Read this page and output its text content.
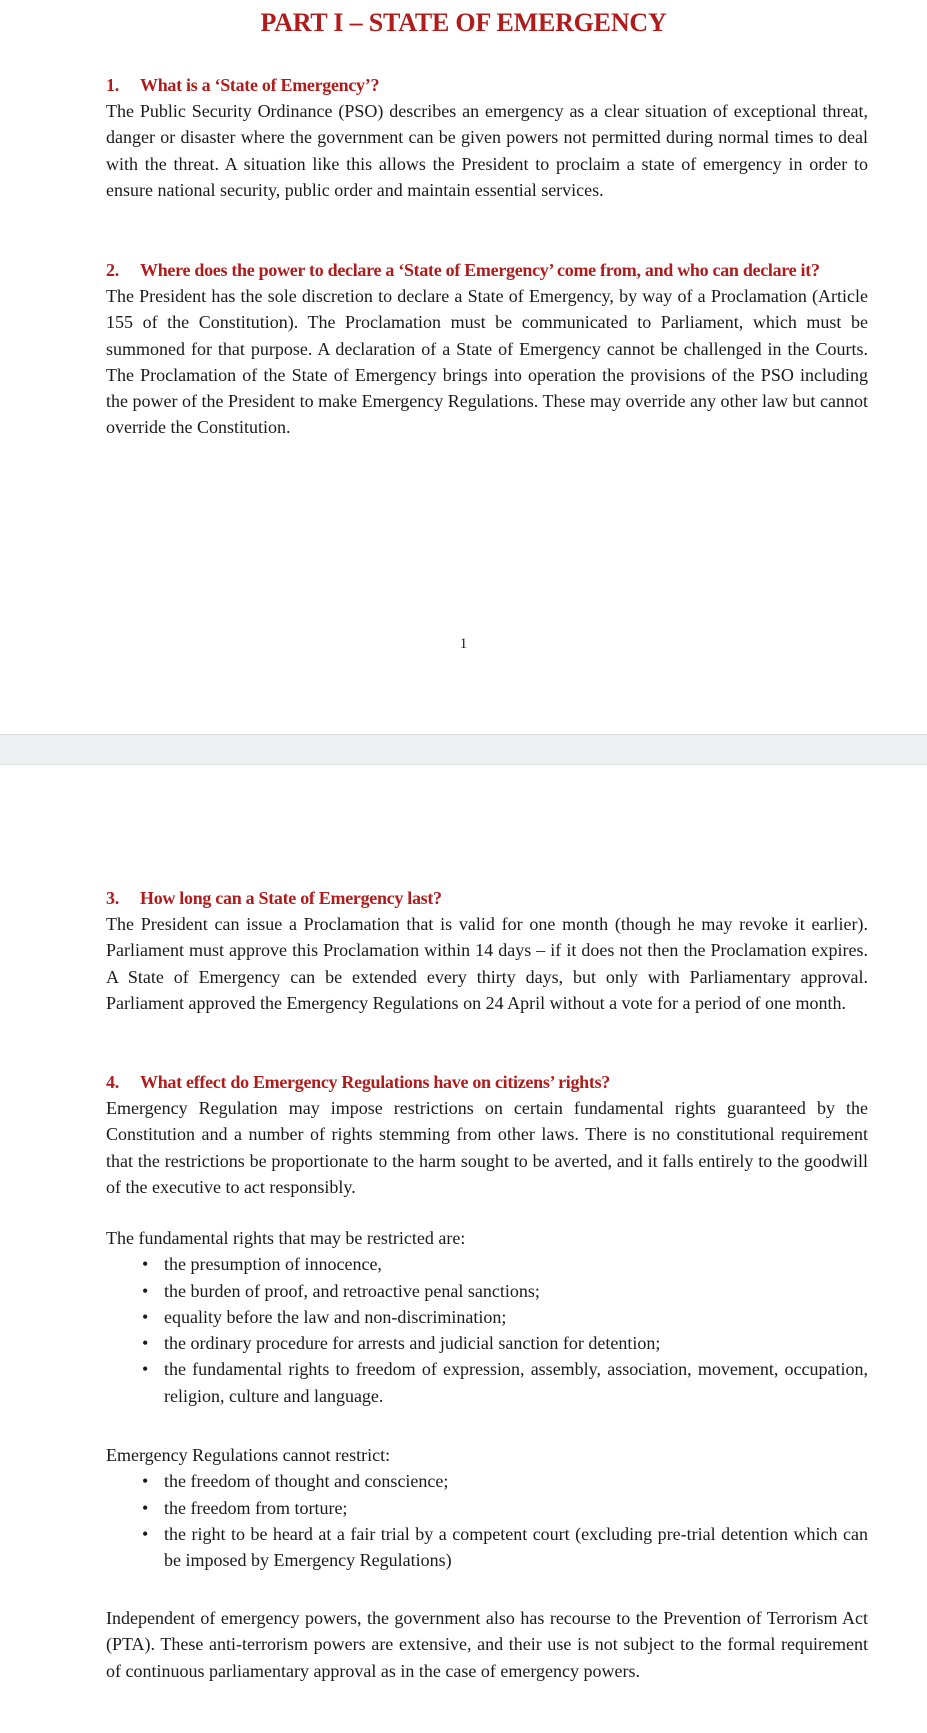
PART I – STATE OF EMERGENCY
1. What is a ‘State of Emergency’?

The Public Security Ordinance (PSO) describes an emergency as a clear situation of exceptional threat, danger or disaster where the government can be given powers not permitted during normal times to deal with the threat. A situation like this allows the President to proclaim a state of emergency in order to ensure national security, public order and maintain essential services.

2. Where does the power to declare a ‘State of Emergency’ come from, and who can declare it?

The President has the sole discretion to declare a State of Emergency, by way of a Proclamation (Article 155 of the Constitution). The Proclamation must be communicated to Parliament, which must be summoned for that purpose. A declaration of a State of Emergency cannot be challenged in the Courts. The Proclamation of the State of Emergency brings into operation the provisions of the PSO including the power of the President to make Emergency Regulations. These may override any other law but cannot override the Constitution.

1
3. How long can a State of Emergency last?

The President can issue a Proclamation that is valid for one month (though he may revoke it earlier). Parliament must approve this Proclamation within 14 days – if it does not then the Proclamation expires. A State of Emergency can be extended every thirty days, but only with Parliamentary approval. Parliament approved the Emergency Regulations on 24 April without a vote for a period of one month.

4. What effect do Emergency Regulations have on citizens’ rights?

Emergency Regulation may impose restrictions on certain fundamental rights guaranteed by the Constitution and a number of rights stemming from other laws. There is no constitutional requirement that the restrictions be proportionate to the harm sought to be averted, and it falls entirely to the goodwill of the executive to act responsibly.

The fundamental rights that may be restricted are:

• the presumption of innocence,
• the burden of proof, and retroactive penal sanctions;
• equality before the law and non-discrimination;
• the ordinary procedure for arrests and judicial sanction for detention;
• the fundamental rights to freedom of expression, assembly, association, movement, occupation, religion, culture and language.

Emergency Regulations cannot restrict:

• the freedom of thought and conscience;
• the freedom from torture;
• the right to be heard at a fair trial by a competent court (excluding pre-trial detention which can be imposed by Emergency Regulations)

Independent of emergency powers, the government also has recourse to the Prevention of Terrorism Act (PTA). These anti-terrorism powers are extensive, and their use is not subject to the formal requirement of continuous parliamentary approval as in the case of emergency powers.
